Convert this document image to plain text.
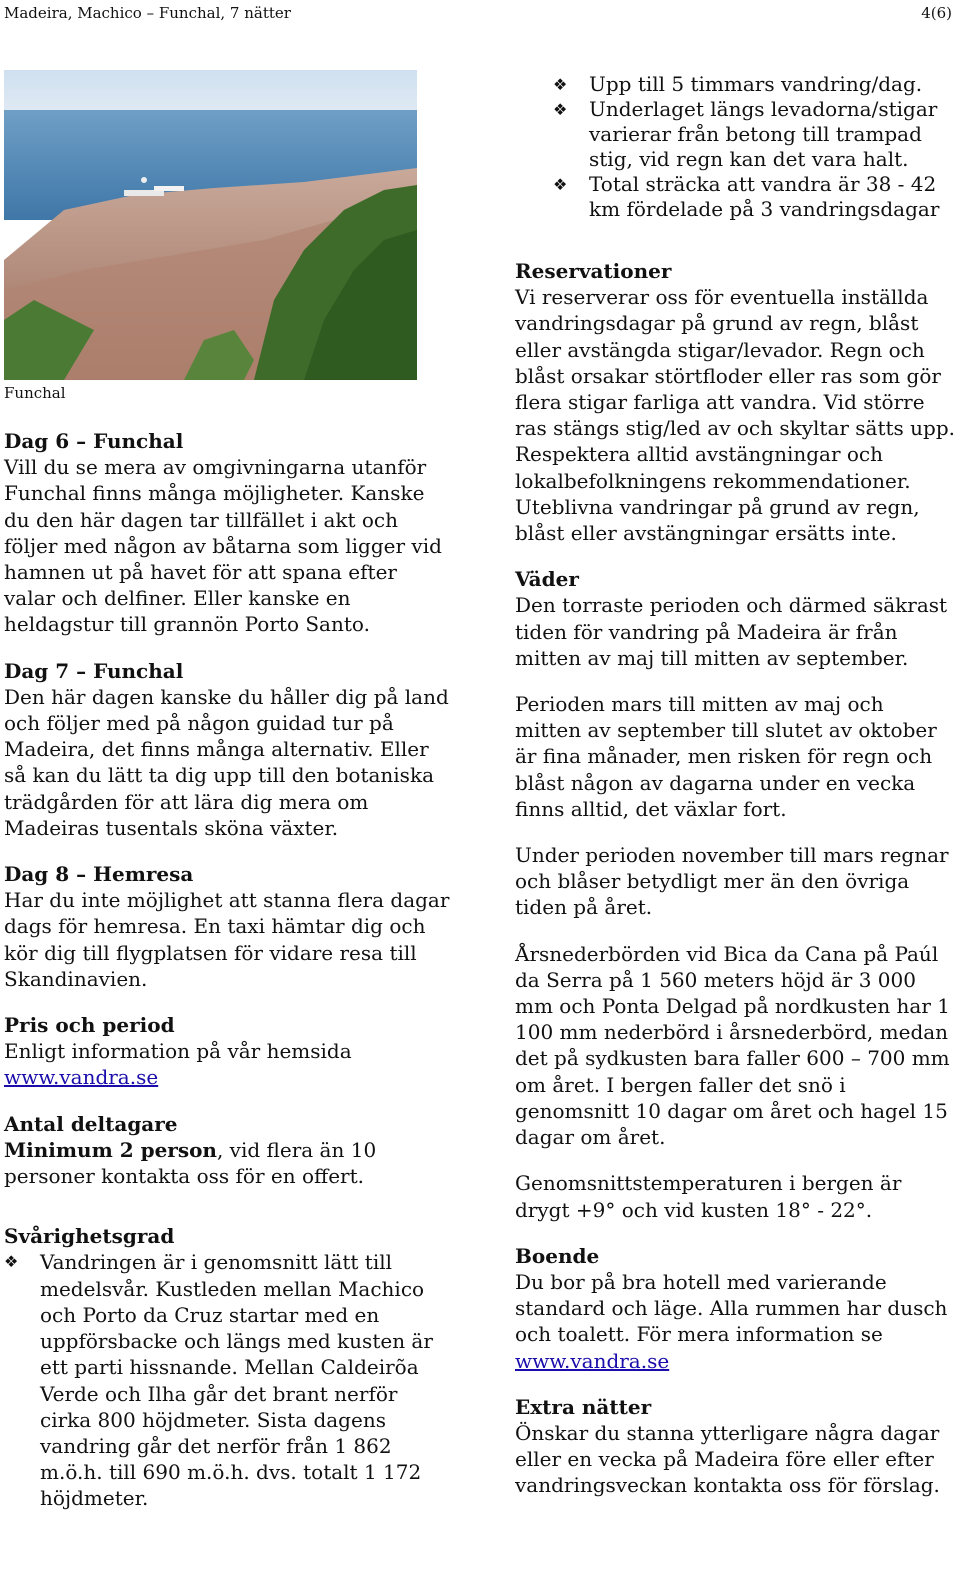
Madeira, Machico – Funchal, 7 nätter	4(6)
Funchal
❖ Upp till 5 timmars vandring/dag.
❖ Underlaget längs levadorna/stigar varierar från betong till trampad stig, vid regn kan det vara halt.
❖ Total sträcka att vandra är 38 - 42 km fördelade på 3 vandringsdagar
Dag 6 – Funchal
Vill du se mera av omgivningarna utanför Funchal finns många möjligheter. Kanske du den här dagen tar tillfället i akt och följer med någon av båtarna som ligger vid hamnen ut på havet för att spana efter valar och delfiner. Eller kanske en heldagstur till grannön Porto Santo.
Dag 7 – Funchal
Den här dagen kanske du håller dig på land och följer med på någon guidad tur på Madeira, det finns många alternativ. Eller så kan du lätt ta dig upp till den botaniska trädgården för att lära dig mera om Madeiras tusentals sköna växter.
Dag 8 – Hemresa
Har du inte möjlighet att stanna flera dagar dags för hemresa. En taxi hämtar dig och kör dig till flygplatsen för vidare resa till Skandinavien.
Pris och period
Enligt information på vår hemsida
www.vandra.se
Antal deltagare
Minimum 2 person, vid flera än 10 personer kontakta oss för en offert.
Svårighetsgrad
❖ Vandringen är i genomsnitt lätt till medelsvår. Kustleden mellan Machico och Porto da Cruz startar med en uppförsbacke och längs med kusten är ett parti hissnande. Mellan Caldeirõa Verde och Ilha går det brant nerför cirka 800 höjdmeter. Sista dagens vandring går det nerför från 1 862 m.ö.h. till 690 m.ö.h. dvs. totalt 1 172 höjdmeter.
Reservationer
Vi reserverar oss för eventuella inställda vandringsdagar på grund av regn, blåst eller avstängda stigar/levador. Regn och blåst orsakar störtfloder eller ras som gör flera stigar farliga att vandra. Vid större ras stängs stig/led av och skyltar sätts upp. Respektera alltid avstängningar och lokalbefolkningens rekommendationer. Uteblivna vandringar på grund av regn, blåst eller avstängningar ersätts inte.
Väder
Den torraste perioden och därmed säkrast tiden för vandring på Madeira är från mitten av maj till mitten av september.
Perioden mars till mitten av maj och mitten av september till slutet av oktober är fina månader, men risken för regn och blåst någon av dagarna under en vecka finns alltid, det växlar fort.
Under perioden november till mars regnar och blåser betydligt mer än den övriga tiden på året.
Årsnederbörden vid Bica da Cana på Paúl da Serra på 1 560 meters höjd är 3 000 mm och Ponta Delgad på nordkusten har 1 100 mm nederbörd i årsnederbörd, medan det på sydkusten bara faller 600 – 700 mm om året. I bergen faller det snö i genomsnitt 10 dagar om året och hagel 15 dagar om året.
Genomsnittstemperaturen i bergen är drygt +9° och vid kusten 18° - 22°.
Boende
Du bor på bra hotell med varierande standard och läge. Alla rummen har dusch och toalett. För mera information se
www.vandra.se
Extra nätter
Önskar du stanna ytterligare några dagar eller en vecka på Madeira före eller efter vandringsveckan kontakta oss för förslag.
